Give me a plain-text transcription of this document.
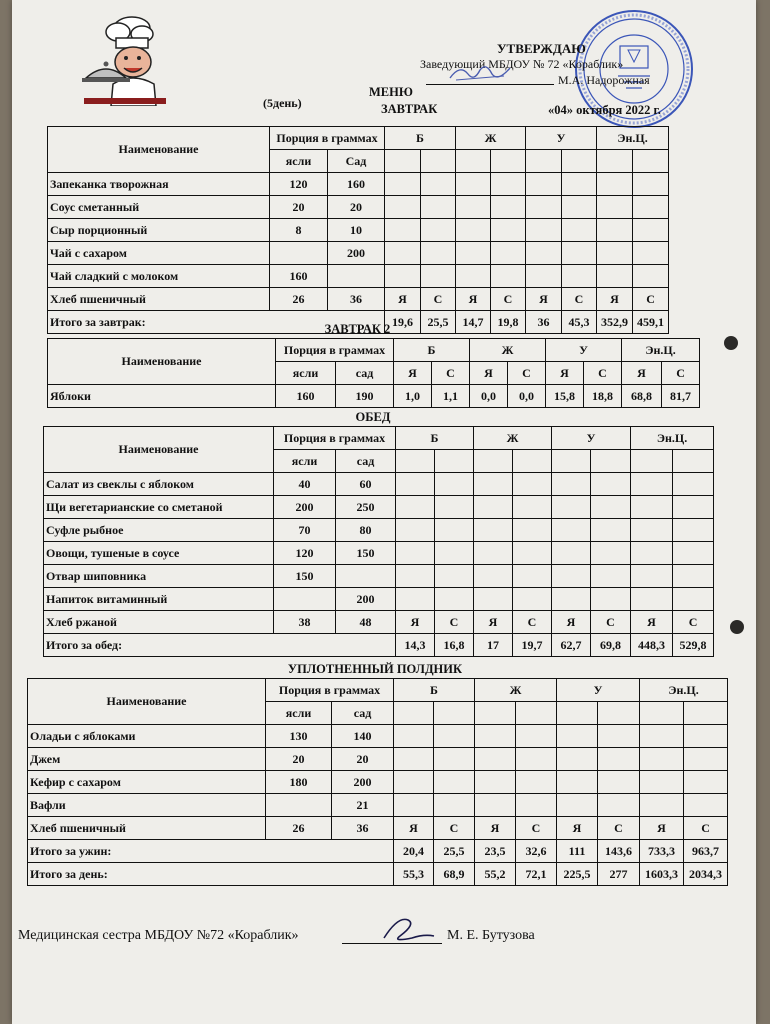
УТВЕРЖДАЮ
Заведующий МБДОУ № 72 «Кораблик»
М.А. Надорожная
МЕНЮ
(5день)	ЗАВТРАК	«04» октября 2022 г.
Наименование	Порция в граммах		Б		Ж		У		Эн.Ц.	
	ясли	Сад								
Запеканка творожная	120	160								
Соус сметанный	20	20								
Сыр порционный	8	10								
Чай с сахаром		200								
Чай сладкий с молоком	160									
Хлеб пшеничный	26	36	Я	С	Я	С	Я	С	Я	С
Итого за завтрак:			19,6	25,5	14,7	19,8	36	45,3	352,9	459,1
ЗАВТРАК 2
Наименование	Порция в граммах		Б		Ж		У		Эн.Ц.	
	ясли	сад	Я	С	Я	С	Я	С	Я	С
Яблоки	160	190	1,0	1,1	0,0	0,0	15,8	18,8	68,8	81,7
ОБЕД
Наименование	Порция в граммах		Б		Ж		У		Эн.Ц.	
	ясли	сад								
Салат из свеклы с яблоком	40	60								
Щи вегетарианские со сметаной	200	250								
Суфле рыбное	70	80								
Овощи, тушеные в соусе	120	150								
Отвар шиповника	150									
Напиток витаминный		200								
Хлеб ржаной	38	48	Я	С	Я	С	Я	С	Я	С
Итого за обед:			14,3	16,8	17	19,7	62,7	69,8	448,3	529,8
УПЛОТНЕННЫЙ ПОЛДНИК
Наименование	Порция в граммах		Б		Ж		У		Эн.Ц.	
	ясли	сад								
Оладьи с яблоками	130	140								
Джем	20	20								
Кефир с сахаром	180	200								
Вафли		21								
Хлеб пшеничный	26	36	Я	С	Я	С	Я	С	Я	С
Итого за ужин:			20,4	25,5	23,5	32,6	111	143,6	733,3	963,7
Итого за день:			55,3	68,9	55,2	72,1	225,5	277	1603,3	2034,3
Медицинская сестра МБДОУ №72 «Кораблик»	М. Е. Бутузова
